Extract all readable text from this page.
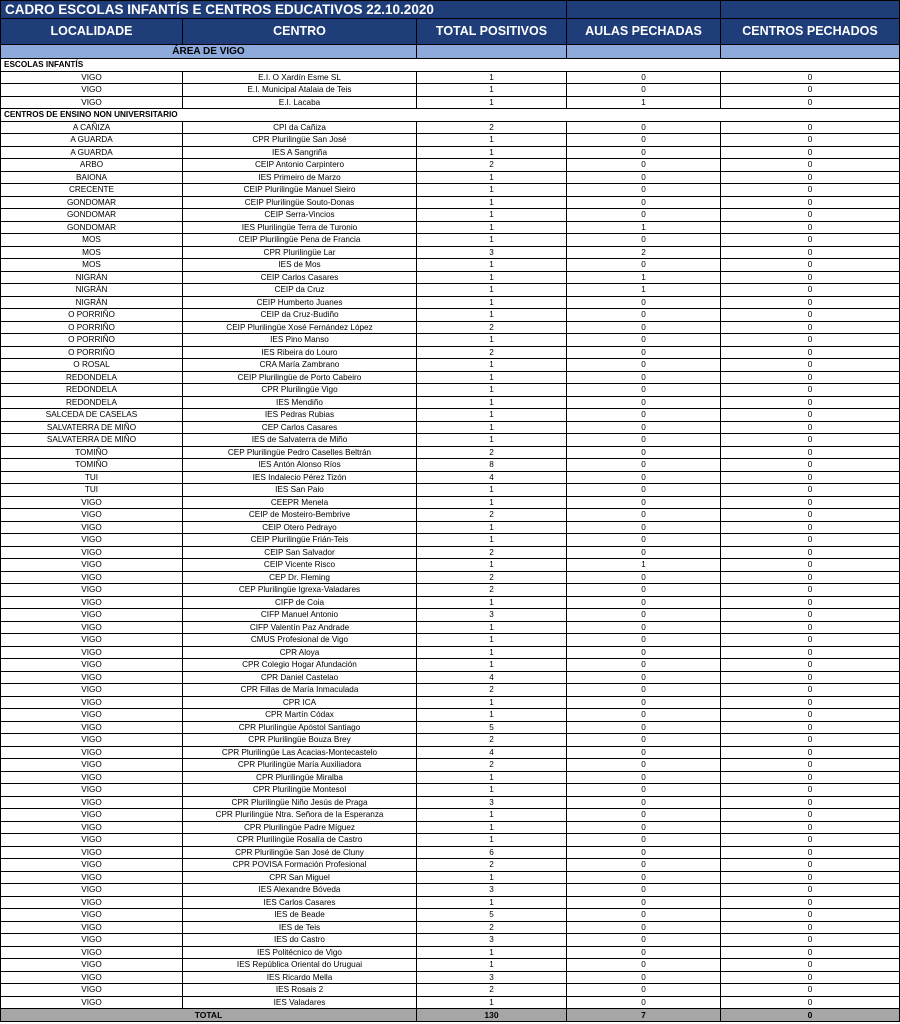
CADRO ESCOLAS INFANTÍS E CENTROS EDUCATIVOS 22.10.2020				
LOCALIDADE	CENTRO	TOTAL POSITIVOS	AULAS PECHADAS	CENTROS PECHADOS
ÁREA DE VIGO				
ESCOLAS INFANTÍS				
VIGO	E.I. O Xardín Esme SL	1	0	0
VIGO	E.I. Municipal Atalaia de Teis	1	0	0
VIGO	E.I. Lacaba	1	1	0
CENTROS DE ENSINO NON UNIVERSITARIO				
A CAÑIZA	CPI da Cañiza	2	0	0
A GUARDA	CPR Plurilingüe San José	1	0	0
A GUARDA	IES A Sangriña	1	0	0
ARBO	CEIP Antonio Carpintero	2	0	0
BAIONA	IES Primeiro de Marzo	1	0	0
CRECENTE	CEIP Plurilingüe Manuel Sieiro	1	0	0
GONDOMAR	CEIP Plurilingüe Souto-Donas	1	0	0
GONDOMAR	CEIP Serra-Vincios	1	0	0
GONDOMAR	IES Plurilingüe Terra de Turonio	1	1	0
MOS	CEIP Plurilingüe Pena de Francia	1	0	0
MOS	CPR Plurilingüe Lar	3	2	0
MOS	IES de Mos	1	0	0
NIGRÁN	CEIP Carlos Casares	1	1	0
NIGRÁN	CEIP da Cruz	1	1	0
NIGRÁN	CEIP Humberto Juanes	1	0	0
O PORRIÑO	CEIP da Cruz-Budiño	1	0	0
O PORRIÑO	CEIP Plurilingüe Xosé Fernández López	2	0	0
O PORRIÑO	IES Pino Manso	1	0	0
O PORRIÑO	IES Ribeira do Louro	2	0	0
O ROSAL	CRA María Zambrano	1	0	0
REDONDELA	CEIP Plurilingüe de Porto Cabeiro	1	0	0
REDONDELA	CPR Plurilingüe Vigo	1	0	0
REDONDELA	IES Mendiño	1	0	0
SALCEDA DE CASELAS	IES Pedras Rubias	1	0	0
SALVATERRA DE MIÑO	CEP Carlos Casares	1	0	0
SALVATERRA DE MIÑO	IES de Salvaterra de Miño	1	0	0
TOMIÑO	CEP Plurilingüe Pedro Caselles Beltrán	2	0	0
TOMIÑO	IES Antón Alonso Ríos	8	0	0
TUI	IES Indalecio Pérez Tizón	4	0	0
TUI	IES San Paio	1	0	0
VIGO	CEEPR Menela	1	0	0
VIGO	CEIP de Mosteiro-Bembrive	2	0	0
VIGO	CEIP Otero Pedrayo	1	0	0
VIGO	CEIP Plurilingüe Frián-Teis	1	0	0
VIGO	CEIP San Salvador	2	0	0
VIGO	CEIP Vicente Risco	1	1	0
VIGO	CEP Dr. Fleming	2	0	0
VIGO	CEP Plurilingüe Igrexa-Valadares	2	0	0
VIGO	CIFP de Coia	1	0	0
VIGO	CIFP Manuel Antonio	3	0	0
VIGO	CIFP Valentín Paz Andrade	1	0	0
VIGO	CMUS Profesional de Vigo	1	0	0
VIGO	CPR Aloya	1	0	0
VIGO	CPR Colegio Hogar Afundación	1	0	0
VIGO	CPR Daniel Castelao	4	0	0
VIGO	CPR Fillas de María Inmaculada	2	0	0
VIGO	CPR ICA	1	0	0
VIGO	CPR Martín Códax	1	0	0
VIGO	CPR Plurilingüe Apóstol Santiago	5	0	0
VIGO	CPR Plurilingüe Bouza Brey	2	0	0
VIGO	CPR Plurilingüe Las Acacias-Montecastelo	4	0	0
VIGO	CPR Plurilingüe María Auxiliadora	2	0	0
VIGO	CPR Plurilingüe Miralba	1	0	0
VIGO	CPR Plurilingüe Montesol	1	0	0
VIGO	CPR Plurilingüe Niño Jesús de Praga	3	0	0
VIGO	CPR Plurilingüe Ntra. Señora de la Esperanza	1	0	0
VIGO	CPR Plurilingüe Padre Míguez	1	0	0
VIGO	CPR Plurilingüe Rosalía de Castro	1	0	0
VIGO	CPR Plurilingüe San José de Cluny	6	0	0
VIGO	CPR POVISA Formación Profesional	2	0	0
VIGO	CPR San Miguel	1	0	0
VIGO	IES Alexandre Bóveda	3	0	0
VIGO	IES Carlos Casares	1	0	0
VIGO	IES de Beade	5	0	0
VIGO	IES de Teis	2	0	0
VIGO	IES do Castro	3	0	0
VIGO	IES Politécnico de Vigo	1	0	0
VIGO	IES República Oriental do Uruguai	1	0	0
VIGO	IES Ricardo Mella	3	0	0
VIGO	IES Rosais 2	2	0	0
VIGO	IES Valadares	1	0	0
TOTAL		130	7	0
